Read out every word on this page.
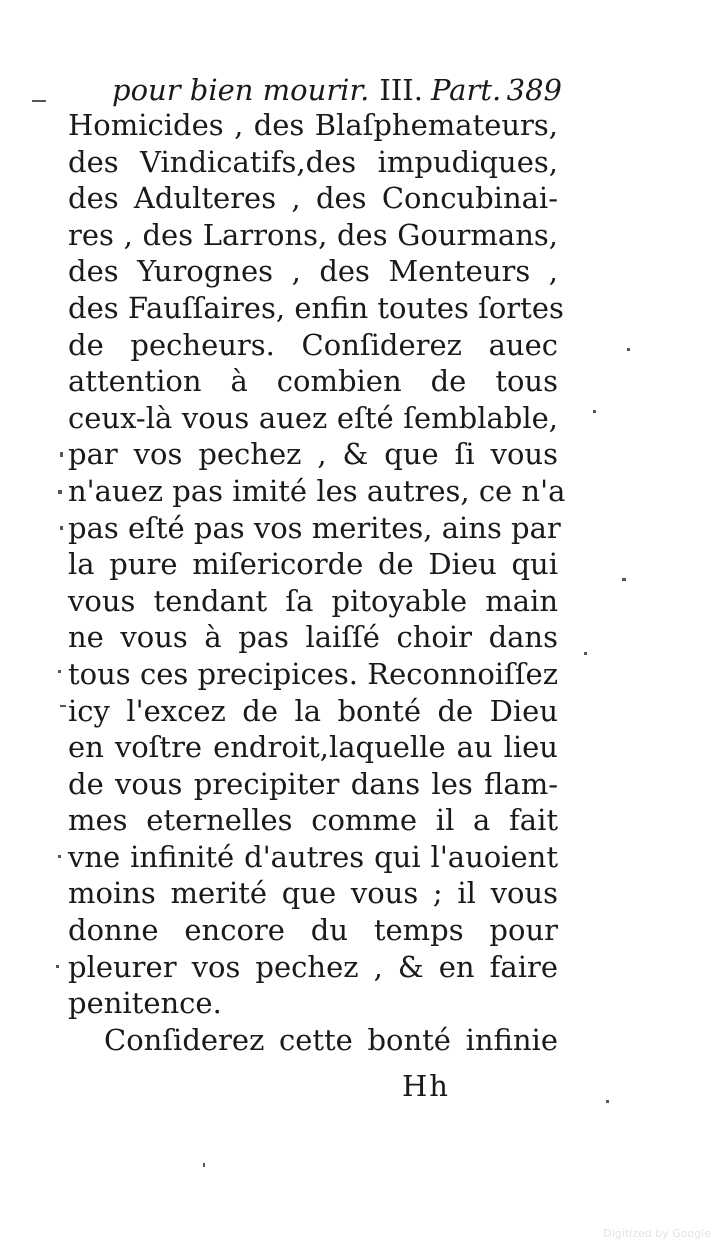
pour bien mourir. III. Part. 389
Homicides , des Blaſphemateurs,
des Vindicatifs,des impudiques,
des Adulteres , des Concubinai-
res , des Larrons, des Gourmans,
des Yurognes , des Menteurs ,
des Fauſſaires, enfin toutes ſortes
de pecheurs. Conſiderez auec
attention à combien de tous
ceux-là vous auez eſté ſemblable,
par vos pechez , & que ſi vous
n'auez pas imité les autres, ce n'a
pas eſté pas vos merites, ains par
la pure miſericorde de Dieu qui
vous tendant ſa pitoyable main
ne vous à pas laiſſé choir dans
tous ces precipices. Reconnoiſſez
icy l'excez de la bonté de Dieu
en voſtre endroit,laquelle au lieu
de vous precipiter dans les flam-
mes eternelles comme il a fait
vne infinité d'autres qui l'auoient
moins merité que vous ; il vous
donne encore du temps pour
pleurer vos pechez , & en faire
penitence.
Conſiderez cette bonté infinie
Hh
Digitized by Google
